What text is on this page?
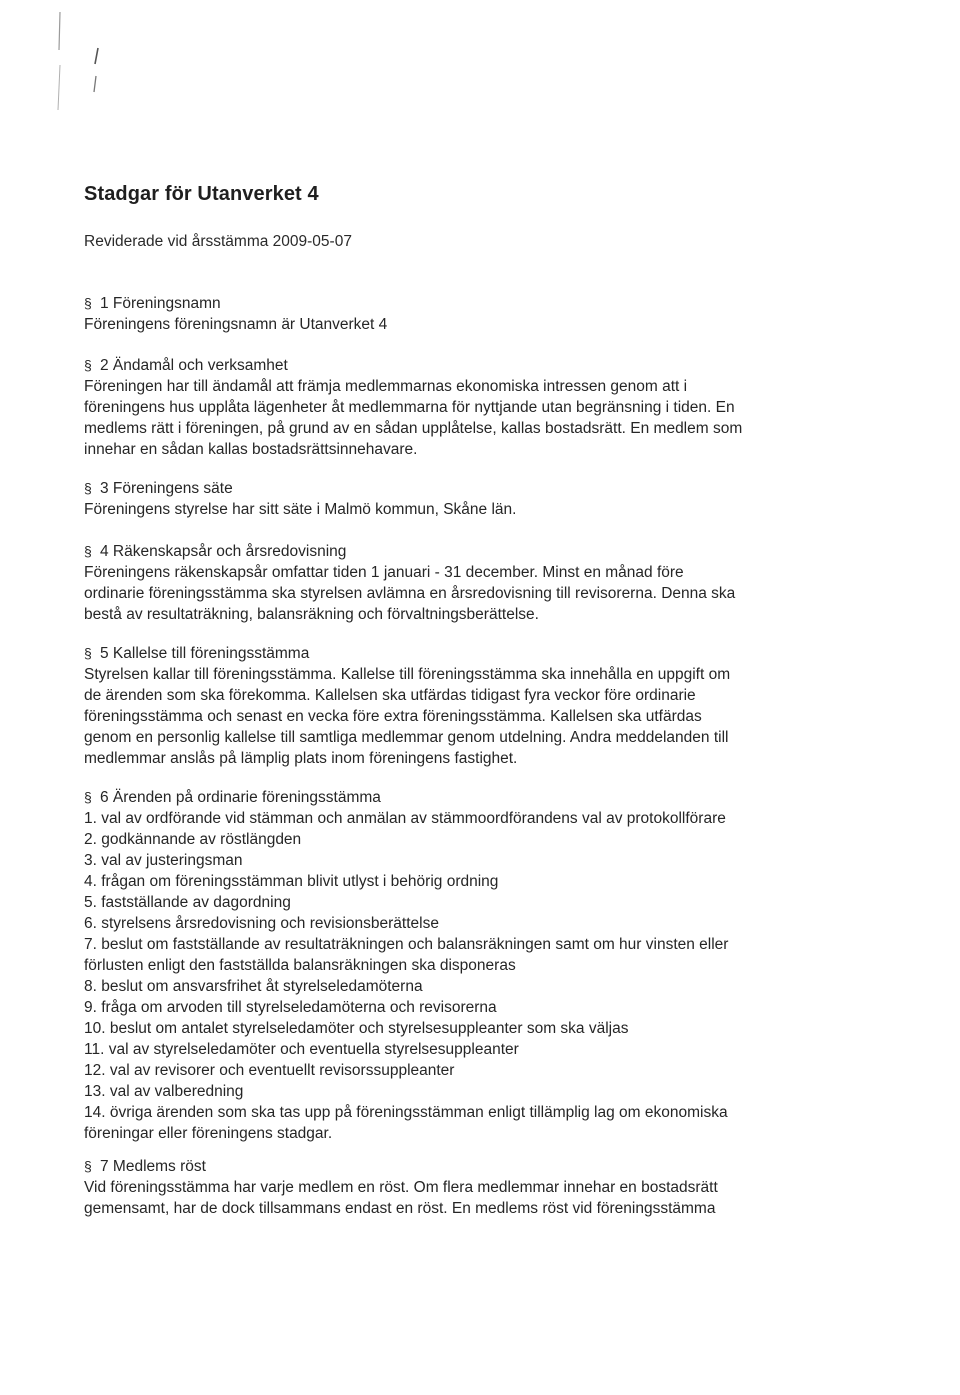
Stadgar för Utanverket 4

Reviderade vid årsstämma 2009-05-07

§ 1 Föreningsnamn
Föreningens föreningsnamn är Utanverket 4
§ 2 Ändamål och verksamhet
Föreningen har till ändamål att främja medlemmarnas ekonomiska intressen genom att i
föreningens hus upplåta lägenheter åt medlemmarna för nyttjande utan begränsning i tiden. En
medlems rätt i föreningen, på grund av en sådan upplåtelse, kallas bostadsrätt. En medlem som
innehar en sådan kallas bostadsrättsinnehavare.
§ 3 Föreningens säte
Föreningens styrelse har sitt säte i Malmö kommun, Skåne län.
§ 4 Räkenskapsår och årsredovisning
Föreningens räkenskapsår omfattar tiden 1 januari - 31 december. Minst en månad före
ordinarie föreningsstämma ska styrelsen avlämna en årsredovisning till revisorerna. Denna ska
bestå av resultaträkning, balansräkning och förvaltningsberättelse.
§ 5 Kallelse till föreningsstämma
Styrelsen kallar till föreningsstämma. Kallelse till föreningsstämma ska innehålla en uppgift om
de ärenden som ska förekomma. Kallelsen ska utfärdas tidigast fyra veckor före ordinarie
föreningsstämma och senast en vecka före extra föreningsstämma. Kallelsen ska utfärdas
genom en personlig kallelse till samtliga medlemmar genom utdelning. Andra meddelanden till
medlemmar anslås på lämplig plats inom föreningens fastighet.
§ 6 Ärenden på ordinarie föreningsstämma
1. val av ordförande vid stämman och anmälan av stämmoordförandens val av protokollförare
2. godkännande av röstlängden
3. val av justeringsman
4. frågan om föreningsstämman blivit utlyst i behörig ordning
5. fastställande av dagordning
6. styrelsens årsredovisning och revisionsberättelse
7. beslut om fastställande av resultaträkningen och balansräkningen samt om hur vinsten eller
förlusten enligt den fastställda balansräkningen ska disponeras
8. beslut om ansvarsfrihet åt styrelseledamöterna
9. fråga om arvoden till styrelseledamöterna och revisorerna
10. beslut om antalet styrelseledamöter och styrelsesuppleanter som ska väljas
11. val av styrelseledamöter och eventuella styrelsesuppleanter
12. val av revisorer och eventuellt revisorssuppleanter
13. val av valberedning
14. övriga ärenden som ska tas upp på föreningsstämman enligt tillämplig lag om ekonomiska
föreningar eller föreningens stadgar.
§ 7 Medlems röst
Vid föreningsstämma har varje medlem en röst. Om flera medlemmar innehar en bostadsrätt
gemensamt, har de dock tillsammans endast en röst. En medlems röst vid föreningsstämma
